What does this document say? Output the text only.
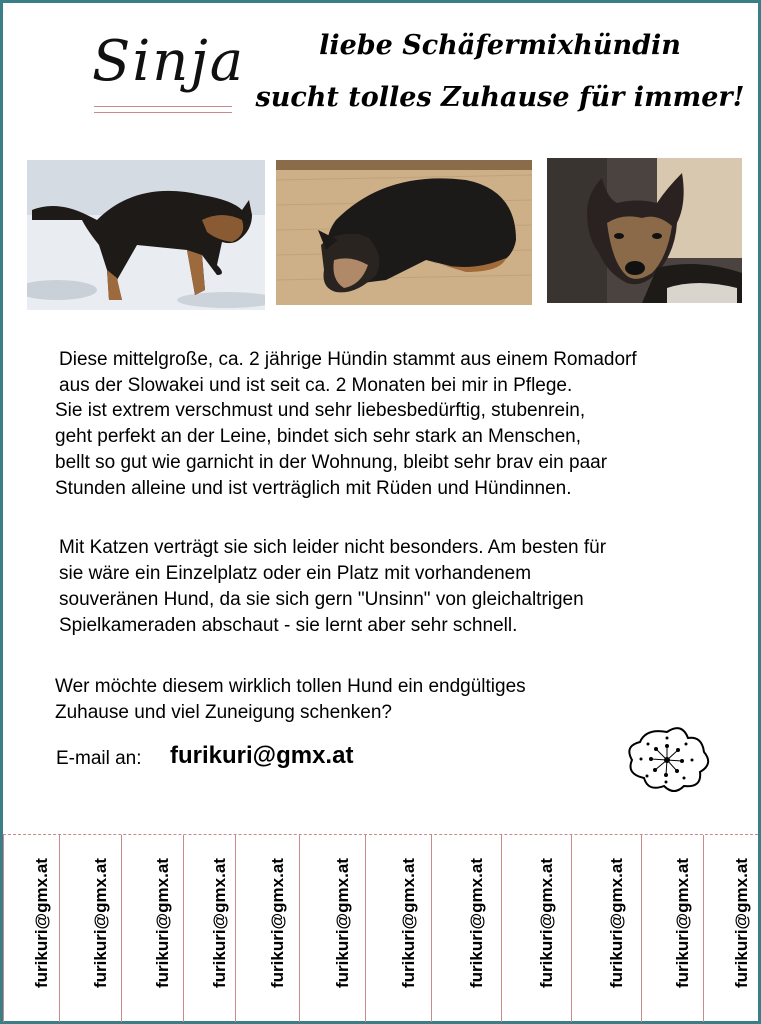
Sinja	liebe Schäfermixhündin
sucht tolles Zuhause für immer!

Diese mittelgroße, ca. 2 jährige Hündin stammt aus einem Romadorf
aus der Slowakei und ist seit ca. 2 Monaten bei mir in Pflege.

Sie ist extrem verschmust und sehr liebesbedürftig, stubenrein,
geht perfekt an der Leine, bindet sich sehr stark an Menschen,
bellt so gut wie garnicht in der Wohnung, bleibt sehr brav ein paar
Stunden alleine und ist verträglich mit Rüden und Hündinnen.

Mit Katzen verträgt sie sich leider nicht besonders. Am besten für
sie wäre ein Einzelplatz oder ein Platz mit vorhandenem
souveränen Hund, da sie sich gern "Unsinn" von gleichaltrigen
Spielkameraden abschaut - sie lernt aber sehr schnell.

Wer möchte diesem wirklich tollen Hund ein endgültiges
Zuhause und viel Zuneigung schenken?

E-mail an: furikuri@gmx.at
furikuri@gmx.at furikuri@gmx.at	furikuri@gmx.at furikuri@gmx.at furikuri@gmx.at	furikuri@gmx.at	furikuri@gmx.at	furikuri@gmx.at	furikuri@gmx.at	furikuri@gmx.at	furikuri@gmx.at furikuri@gmx.at
